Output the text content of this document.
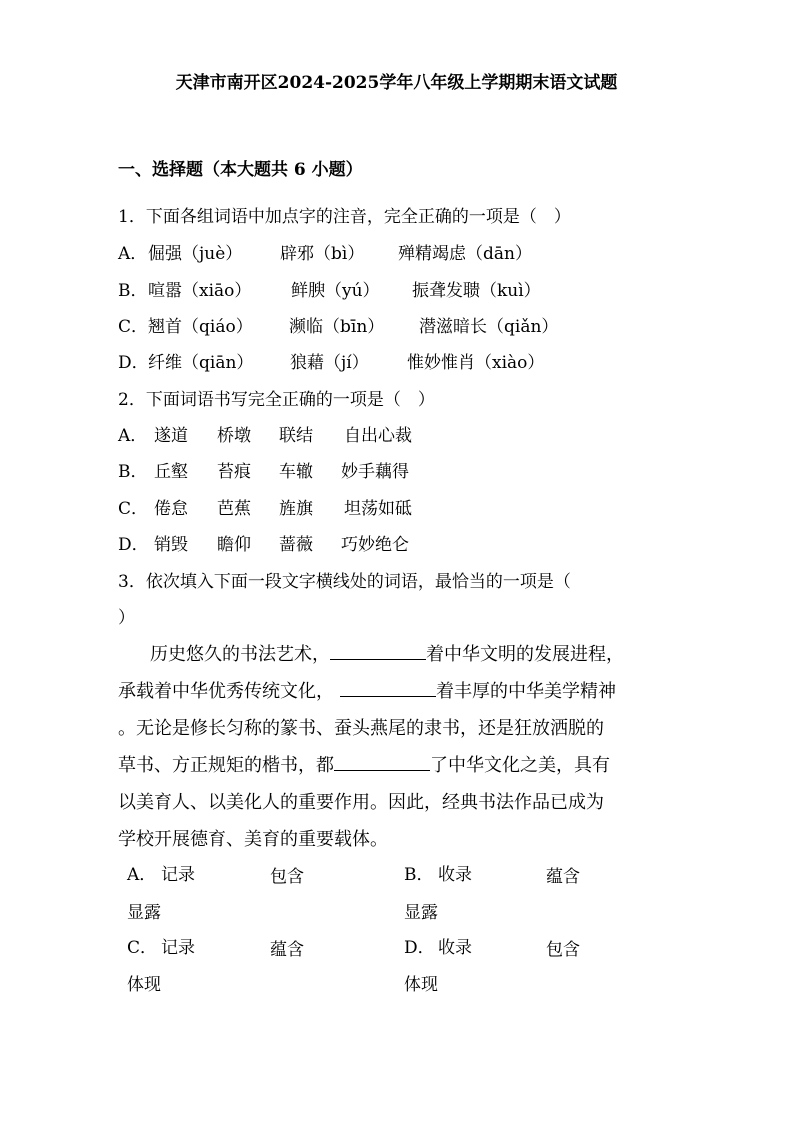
天津市南开区2024-2025学年八年级上学期期末语文试题
一、选择题（本大题共 6 小题）
1．下面各组词语中加点字的注音，完全正确的一项是（　）
A．倔强（juè） 辟邪（bì） 殚精竭虑（dān）
B．喧嚣（xiāo） 鲜腴（yú） 振聋发聩（kuì）
C．翘首（qiáo） 濒临（bīn） 潜滋暗长（qiǎn）
D．纤维（qiān） 狼藉（jí） 惟妙惟肖（xiào）
2．下面词语书写完全正确的一项是（　）
A． 遂道 桥墩 联结 自出心裁
B． 丘壑 苔痕 车辙 妙手藕得
C． 倦怠 芭蕉 旌旗 坦荡如砥
D． 销毁 瞻仰 蔷薇 巧妙绝仑
3．依次填入下面一段文字横线处的词语，最恰当的一项是（
）
历史悠久的书法艺术，	着中华文明的发展进程，
承载着中华优秀传统文化，	着丰厚的中华美学精神
。无论是修长匀称的篆书、蚕头燕尾的隶书，还是狂放洒脱的
草书、方正规矩的楷书，都	了中华文化之美，具有
以美育人、以美化人的重要作用。因此，经典书法作品已成为
学校开展德育、美育的重要载体。
A． 记录	包含
显露
B． 收录	蕴含
显露
C． 记录	蕴含
体现
D． 收录	包含
体现
